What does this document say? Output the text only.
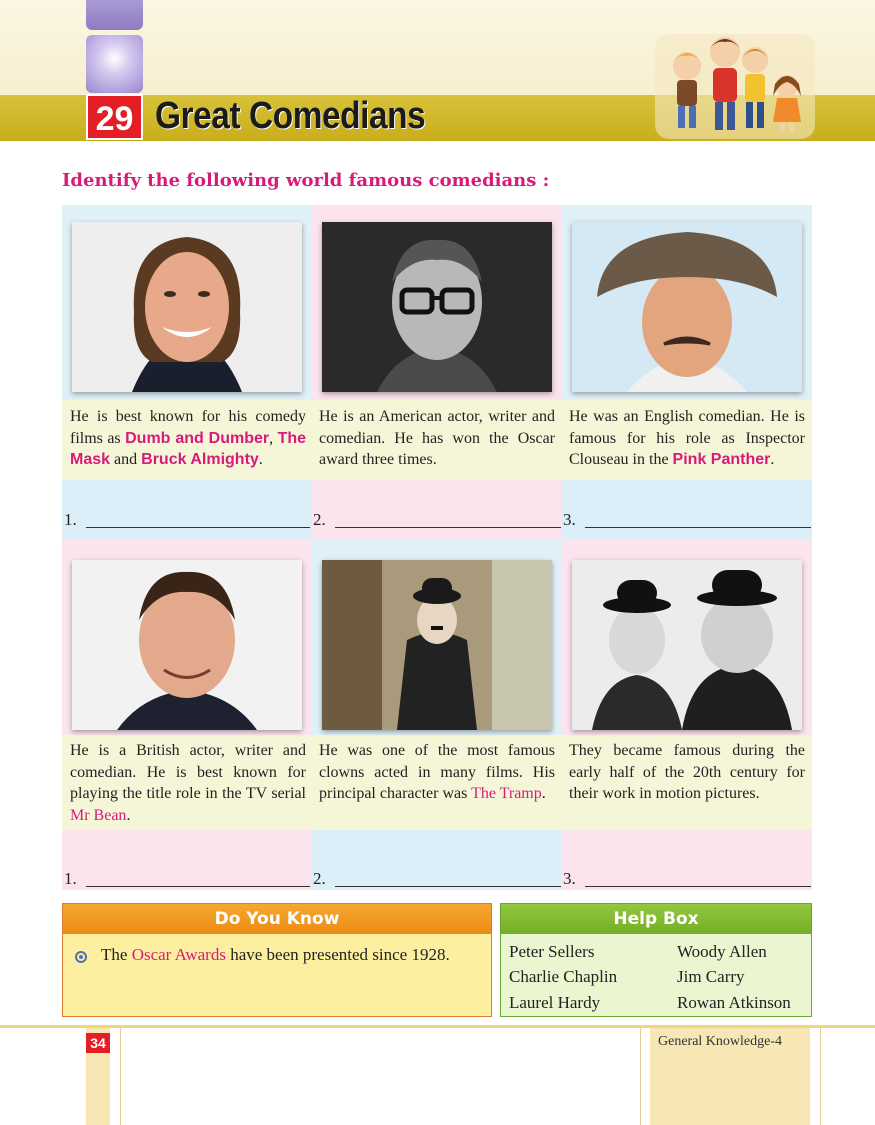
29 Great Comedians
Identify the following world famous comedians :
He is best known for his comedy films as Dumb and Dumber, The Mask and Bruck Almighty.
He is an American actor, writer and comedian. He has won the Oscar award three times.
He was an English comedian. He is famous for his role as Inspector Clouseau in the Pink Panther.
1.	2.	3.
He is a British actor, writer and comedian. He is best known for playing the title role in the TV serial Mr Bean.
He was one of the most famous clowns acted in many films. His principal character was The Tramp.
They became famous during the early half of the 20th century for their work in motion pictures.
1.	2.	3.
Do You Know
The Oscar Awards have been presented since 1928.
Help Box
Peter Sellers	Woody Allen
Charlie Chaplin	Jim Carry
Laurel Hardy	Rowan Atkinson
34	General Knowledge-4
